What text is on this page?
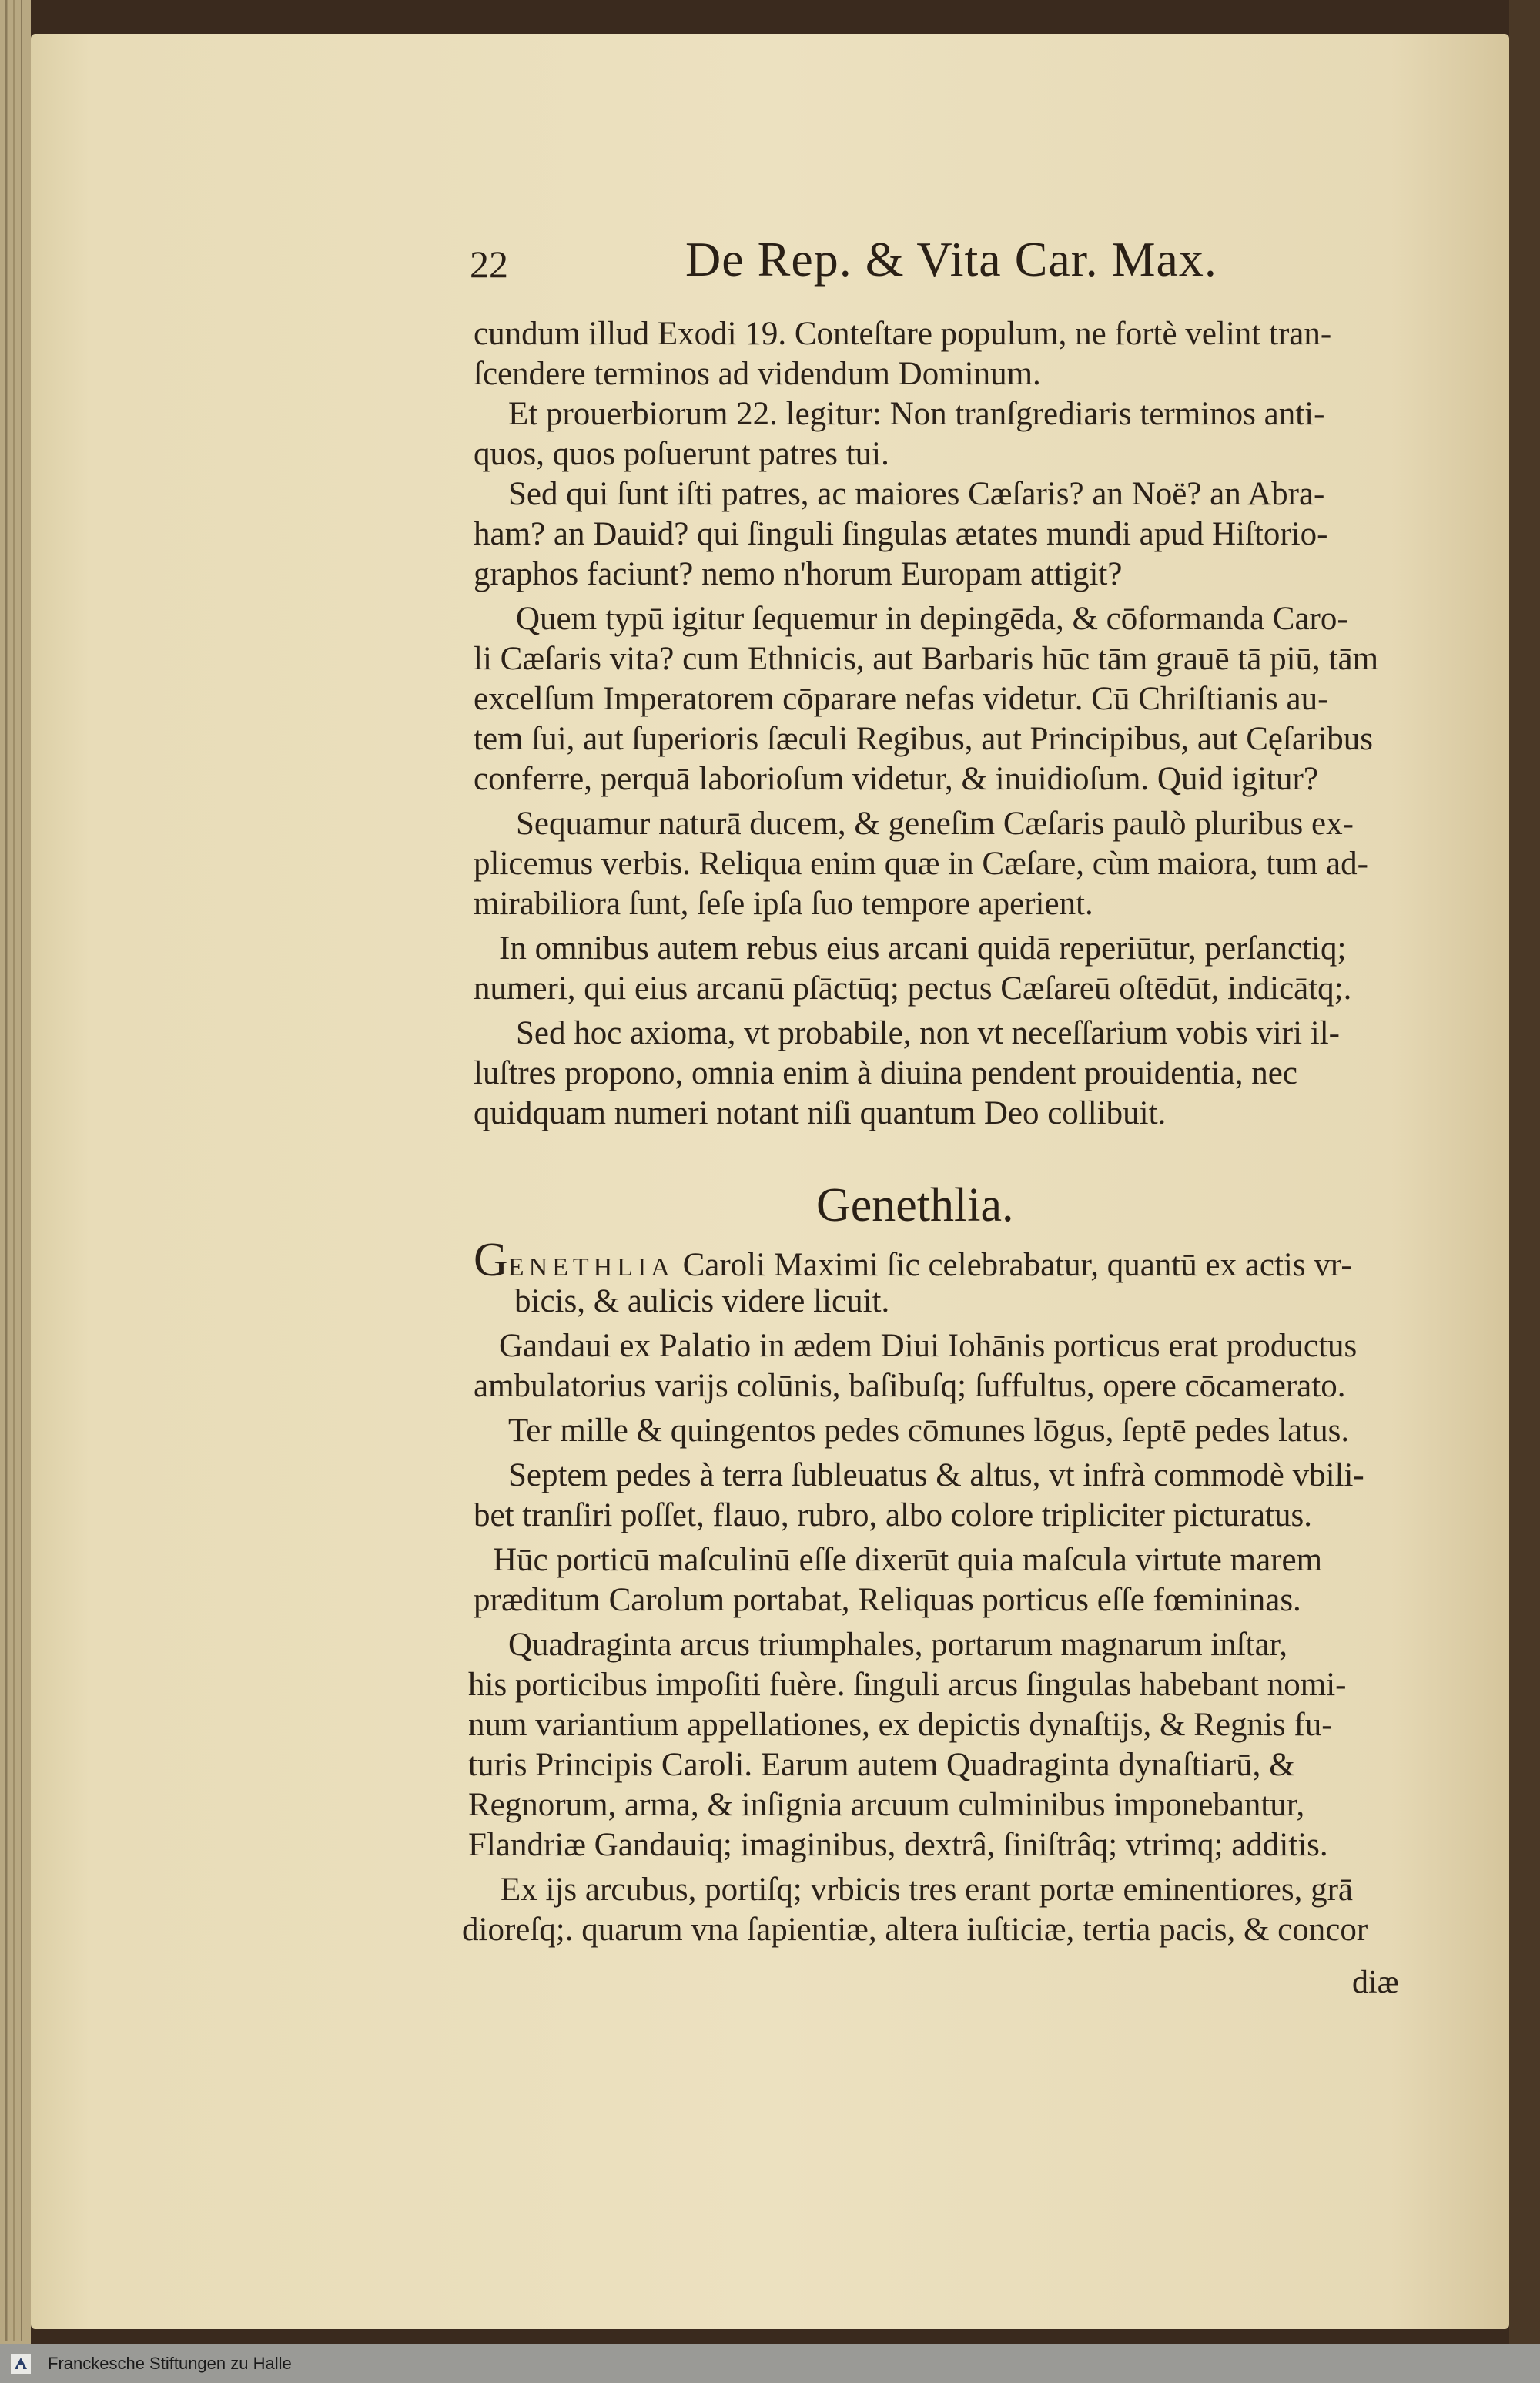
22	De Rep. & Vita Car. Max.
cundum illud Exodi 19. Conteſtare populum, ne fortè velint tran-
ſcendere terminos ad videndum Dominum.
Et prouerbiorum 22. legitur: Non tranſgrediaris terminos anti-
quos, quos poſuerunt patres tui.
Sed qui ſunt iſti patres, ac maiores Cæſaris? an Noë? an Abra-
ham? an Dauid? qui ſinguli ſingulas ætates mundi apud Hiſtorio-
graphos faciunt? nemo n'horum Europam attigit?
Quem typū igitur ſequemur in depingēda, & cōformanda Caro-
li Cæſaris vita? cum Ethnicis, aut Barbaris hūc tām grauē tā piū, tām
excelſum Imperatorem cōparare nefas videtur. Cū Chriſtianis au-
tem ſui, aut ſuperioris ſæculi Regibus, aut Principibus, aut Cęſaribus
conferre, perquā laborioſum videtur, & inuidioſum. Quid igitur?
Sequamur naturā ducem, & geneſim Cæſaris paulò pluribus ex-
plicemus verbis. Reliqua enim quæ in Cæſare, cùm maiora, tum ad-
mirabiliora ſunt, ſeſe ipſa ſuo tempore aperient.
In omnibus autem rebus eius arcani quidā reperiūtur, perſanctiq;
numeri, qui eius arcanū pſāctūq; pectus Cæſareū oſtēdūt, indicātq;.
Sed hoc axioma, vt probabile, non vt neceſſarium vobis viri il-
luſtres propono, omnia enim à diuina pendent prouidentia, nec
quidquam numeri notant niſi quantum Deo collibuit.
Genethlia.
GENETHLIA Caroli Maximi ſic celebrabatur, quantū ex actis vr-
bicis, & aulicis videre licuit.
Gandaui ex Palatio in ædem Diui Iohānis porticus erat productus
ambulatorius varijs colūnis, baſibuſq; ſuffultus, opere cōcamerato.
Ter mille & quingentos pedes cōmunes lōgus, ſeptē pedes latus.
Septem pedes à terra ſubleuatus & altus, vt infrà commodè vbili-
bet tranſiri poſſet, flauo, rubro, albo colore tripliciter picturatus.
Hūc porticū maſculinū eſſe dixerūt quia maſcula virtute marem
præditum Carolum portabat, Reliquas porticus eſſe fœmininas.
Quadraginta arcus triumphales, portarum magnarum inſtar,
his porticibus impoſiti fuère. ſinguli arcus ſingulas habebant nomi-
num variantium appellationes, ex depictis dynaſtijs, & Regnis fu-
turis Principis Caroli. Earum autem Quadraginta dynaſtiarū, &
Regnorum, arma, & inſignia arcuum culminibus imponebantur,
Flandriæ Gandauiq; imaginibus, dextrâ, ſiniſtrâq; vtrimq; additis.
Ex ijs arcubus, portiſq; vrbicis tres erant portæ eminentiores, grā
dioreſq;. quarum vna ſapientiæ, altera iuſticiæ, tertia pacis, & concor
diæ
Franckesche Stiftungen zu Halle
